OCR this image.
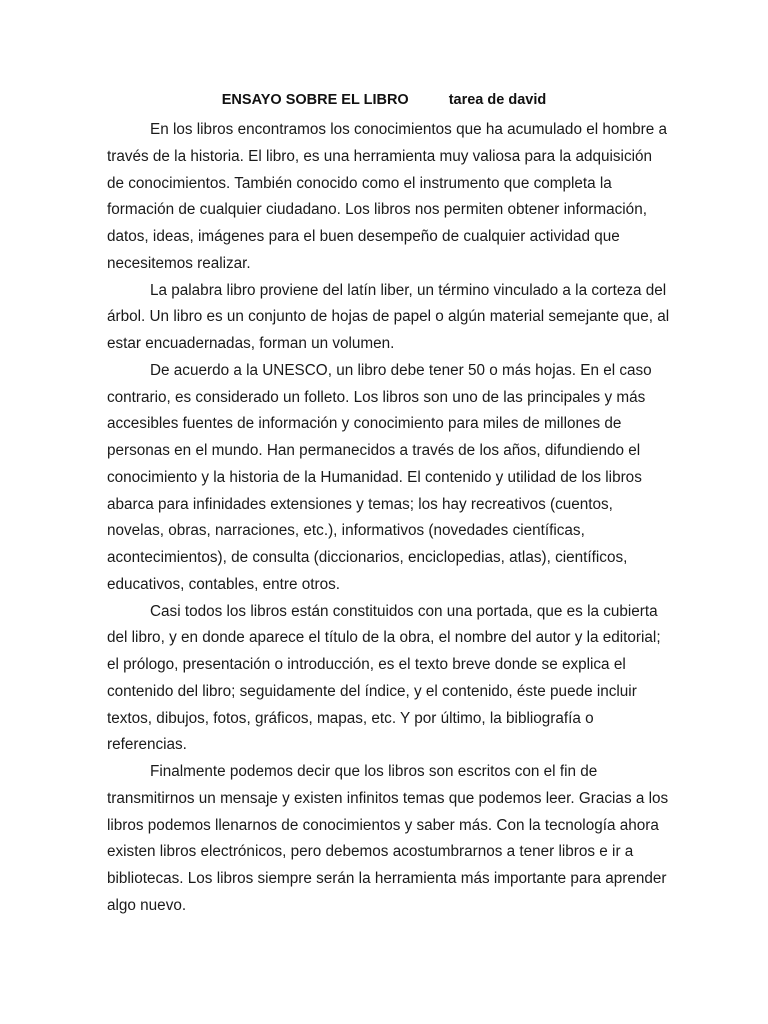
ENSAYO SOBRE EL LIBRO	tarea de david
En los libros encontramos los conocimientos que ha acumulado el hombre a
través de la historia. El libro, es una herramienta muy valiosa para la adquisición
de conocimientos. También conocido como el instrumento que completa la
formación de cualquier ciudadano. Los libros nos permiten obtener información,
datos, ideas, imágenes para el buen desempeño de cualquier actividad que
necesitemos realizar.
La palabra libro proviene del latín liber, un término vinculado a la corteza del
árbol. Un libro es un conjunto de hojas de papel o algún material semejante que, al
estar encuadernadas, forman un volumen.
De acuerdo a la UNESCO, un libro debe tener 50 o más hojas. En el caso
contrario, es considerado un folleto. Los libros son uno de las principales y más
accesibles fuentes de información y conocimiento para miles de millones de
personas en el mundo. Han permanecidos a través de los años, difundiendo el
conocimiento y la historia de la Humanidad. El contenido y utilidad de los libros
abarca para infinidades extensiones y temas; los hay recreativos (cuentos,
novelas, obras, narraciones, etc.), informativos (novedades científicas,
acontecimientos), de consulta (diccionarios, enciclopedias, atlas), científicos,
educativos, contables, entre otros.
Casi todos los libros están constituidos con una portada, que es la cubierta
del libro, y en donde aparece el título de la obra, el nombre del autor y la editorial;
el prólogo, presentación o introducción, es el texto breve donde se explica el
contenido del libro; seguidamente del índice, y el contenido, éste puede incluir
textos, dibujos, fotos, gráficos, mapas, etc. Y por último, la bibliografía o
referencias.
Finalmente podemos decir que los libros son escritos con el fin de
transmitirnos un mensaje y existen infinitos temas que podemos leer. Gracias a los
libros podemos llenarnos de conocimientos y saber más. Con la tecnología ahora
existen libros electrónicos, pero debemos acostumbrarnos a tener libros e ir a
bibliotecas. Los libros siempre serán la herramienta más importante para aprender
algo nuevo.
